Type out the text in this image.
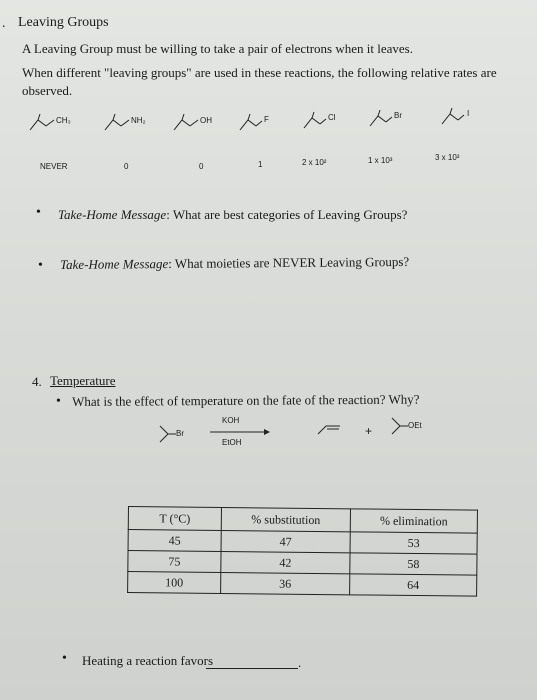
. Leaving Groups
A Leaving Group must be willing to take a pair of electrons when it leaves.
When different "leaving groups" are used in these reactions, the following relative rates are
observed.
CH₃	NH₂	OH	F	Cl	Br	I
NEVER	0	0	1	2 x 10²	1 x 10³	3 x 10³
• Take-Home Message: What are best categories of Leaving Groups?
• Take-Home Message: What moieties are NEVER Leaving Groups?
4. Temperature
• What is the effect of temperature on the fate of the reaction? Why?
Br
KOH
EtOH
+	OEt
T (°C)	% substitution	% elimination
45	47	53
75	42	58
100	36	64
• Heating a reaction favors	.
